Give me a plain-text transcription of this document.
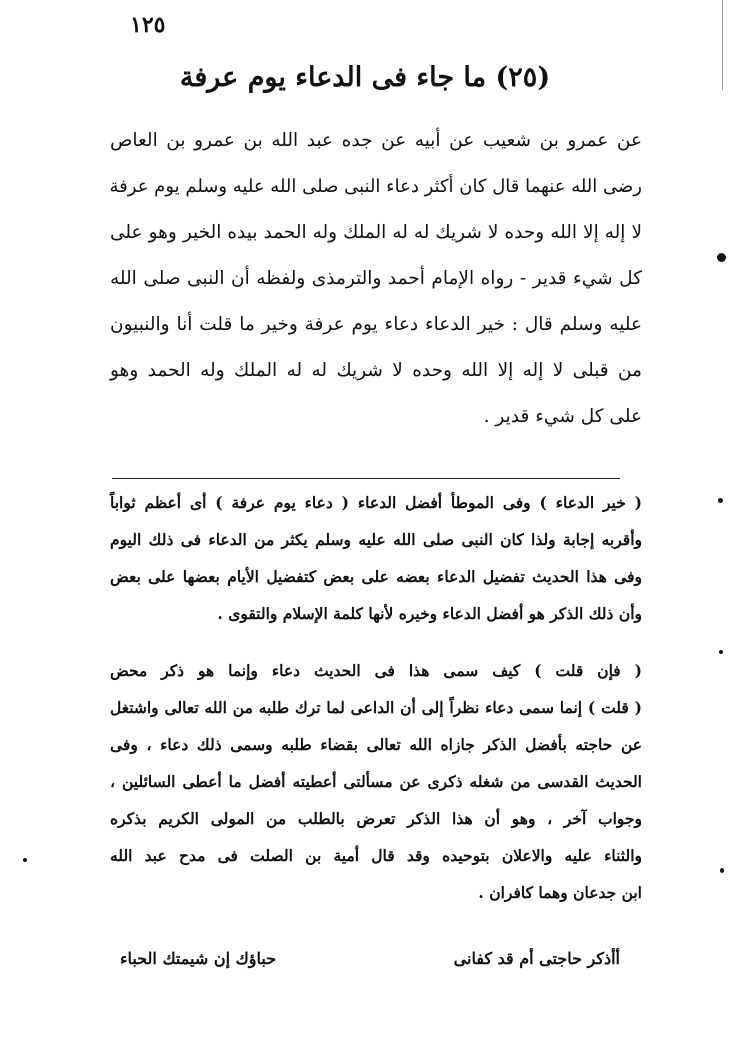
١٢٥
(٢٥) ما جاء فى الدعاء يوم عرفة
عن عمرو بن شعيب عن أبيه عن جده عبد الله بن عمرو بن العاص
رضى الله عنهما قال كان أكثر دعاء النبى صلى الله عليه وسلم يوم عرفة
لا إله إلا الله وحده لا شريك له له الملك وله الحمد بيده الخير وهو على
كل شيء قدير - رواه الإمام أحمد والترمذى ولفظه أن النبى صلى الله
عليه وسلم قال : خير الدعاء دعاء يوم عرفة وخير ما قلت أنا والنبيون
من قبلى لا إله إلا الله وحده لا شريك له له الملك وله الحمد وهو
على كل شيء قدير .
( خير الدعاء ) وفى الموطأ أفضل الدعاء ( دعاء يوم عرفة ) أى أعظم ثواباً
وأقربه إجابة ولذا كان النبى صلى الله عليه وسلم يكثر من الدعاء فى ذلك اليوم
وفى هذا الحديث تفضيل الدعاء بعضه على بعض كتفضيل الأيام بعضها على بعض
وأن ذلك الذكر هو أفضل الدعاء وخيره لأنها كلمة الإسلام والتقوى .
( فإن قلت ) كيف سمى هذا فى الحديث دعاء وإنما هو ذكر محض
( قلت ) إنما سمى دعاء نظراً إلى أن الداعى لما ترك طلبه من الله تعالى واشتغل
عن حاجته بأفضل الذكر جازاه الله تعالى بقضاء طلبه وسمى ذلك دعاء ، وفى
الحديث القدسى من شغله ذكرى عن مسألتى أعطيته أفضل ما أعطى السائلين ،
وجواب آخر ، وهو أن هذا الذكر تعرض بالطلب من المولى الكريم بذكره
والثناء عليه والاعلان بتوحيده وقد قال أمية بن الصلت فى مدح عبد الله
ابن جدعان وهما كافران .
أأذكر حاجتى أم قد كفانى
حباؤك إن شيمتك الحباء
